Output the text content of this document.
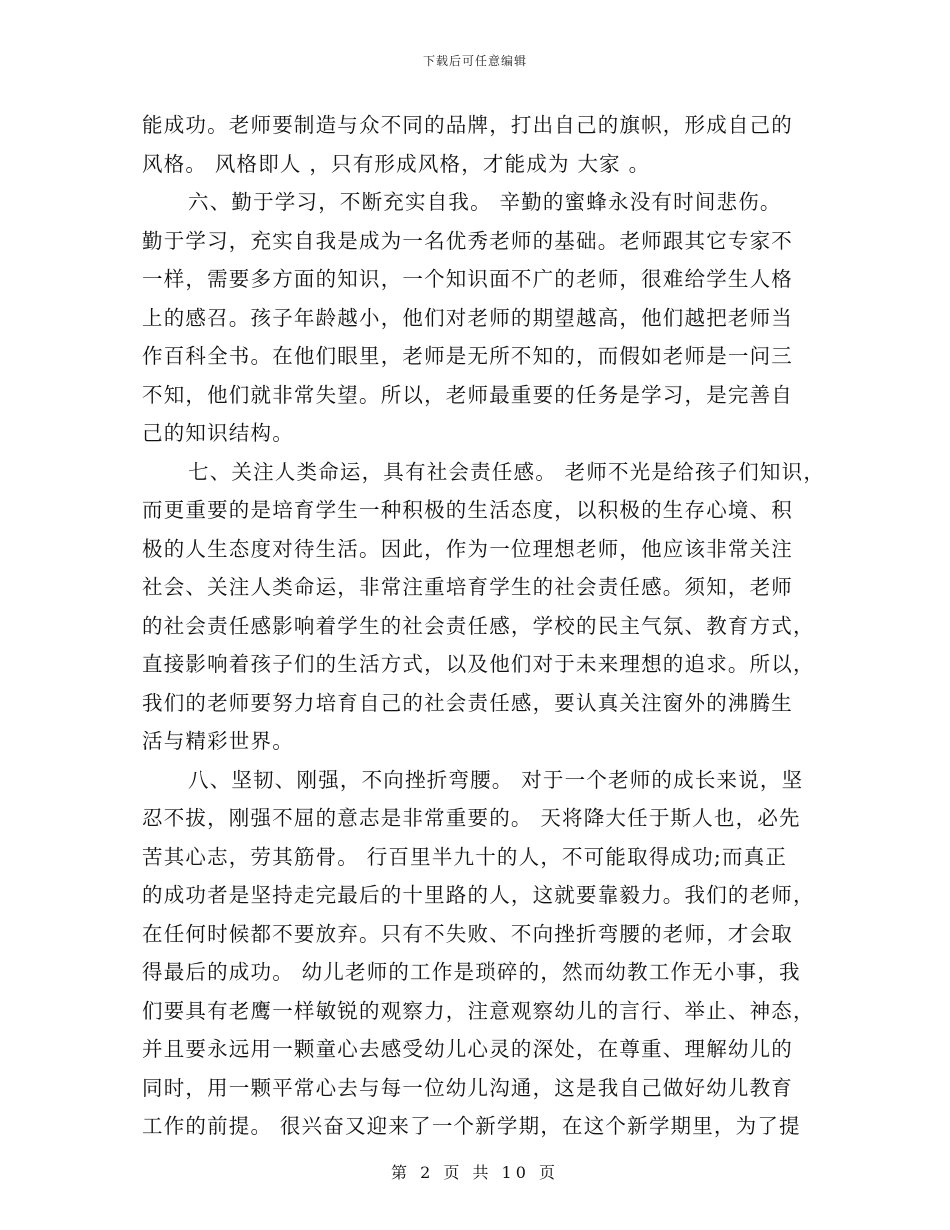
下载后可任意编辑
能成功。老师要制造与众不同的品牌，打出自己的旗帜，形成自己的
风格。 风格即人 ，只有形成风格，才能成为 大家 。
六、勤于学习，不断充实自我。 辛勤的蜜蜂永没有时间悲伤。
勤于学习，充实自我是成为一名优秀老师的基础。老师跟其它专家不
一样，需要多方面的知识，一个知识面不广的老师，很难给学生人格
上的感召。孩子年龄越小，他们对老师的期望越高，他们越把老师当
作百科全书。在他们眼里，老师是无所不知的，而假如老师是一问三
不知，他们就非常失望。所以，老师最重要的任务是学习，是完善自
己的知识结构。
七、关注人类命运，具有社会责任感。 老师不光是给孩子们知识，
而更重要的是培育学生一种积极的生活态度，以积极的生存心境、积
极的人生态度对待生活。因此，作为一位理想老师，他应该非常关注
社会、关注人类命运，非常注重培育学生的社会责任感。须知，老师
的社会责任感影响着学生的社会责任感，学校的民主气氛、教育方式，
直接影响着孩子们的生活方式，以及他们对于未来理想的追求。所以，
我们的老师要努力培育自己的社会责任感，要认真关注窗外的沸腾生
活与精彩世界。
八、坚韧、刚强，不向挫折弯腰。 对于一个老师的成长来说，坚
忍不拔，刚强不屈的意志是非常重要的。 天将降大任于斯人也，必先
苦其心志，劳其筋骨。 行百里半九十的人，不可能取得成功;而真正
的成功者是坚持走完最后的十里路的人，这就要靠毅力。我们的老师，
在任何时候都不要放弃。只有不失败、不向挫折弯腰的老师，才会取
得最后的成功。 幼儿老师的工作是琐碎的，然而幼教工作无小事，我
们要具有老鹰一样敏锐的观察力，注意观察幼儿的言行、举止、神态，
并且要永远用一颗童心去感受幼儿心灵的深处，在尊重、理解幼儿的
同时，用一颗平常心去与每一位幼儿沟通，这是我自己做好幼儿教育
工作的前提。 很兴奋又迎来了一个新学期，在这个新学期里，为了提
第 2 页 共 10 页
